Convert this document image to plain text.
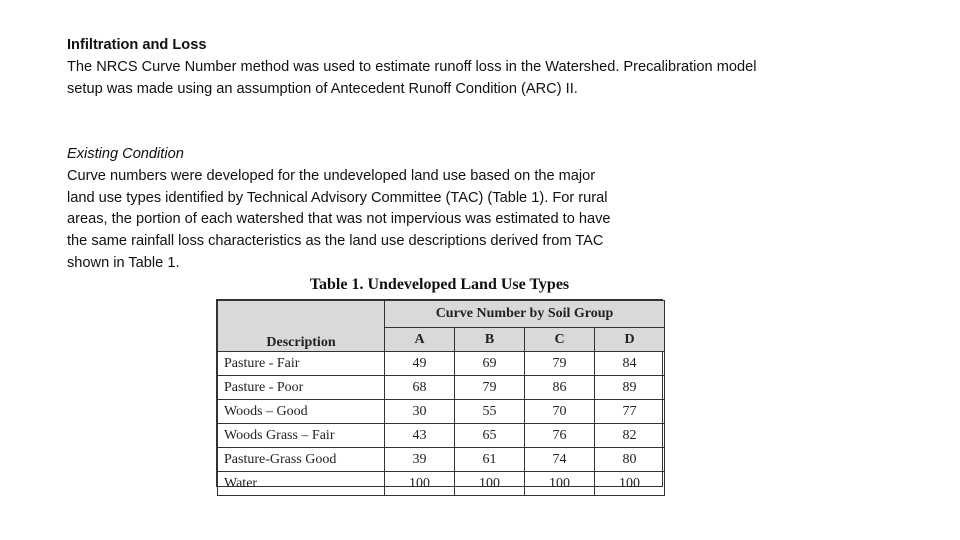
Infiltration and Loss
The NRCS Curve Number method was used to estimate runoff loss in the Watershed. Precalibration model
setup was made using an assumption of Antecedent Runoff Condition (ARC) II.
Existing Condition
Curve numbers were developed for the undeveloped land use based on the major
land use types identified by Technical Advisory Committee (TAC) (Table 1). For rural
areas, the portion of each watershed that was not impervious was estimated to have
the same rainfall loss characteristics as the land use descriptions derived from TAC
shown in Table 1.
Table 1. Undeveloped Land Use Types
Description	Curve Number by Soil Group			
	A	B	C	D
Pasture - Fair	49	69	79	84
Pasture - Poor	68	79	86	89
Woods – Good	30	55	70	77
Woods Grass – Fair	43	65	76	82
Pasture-Grass Good	39	61	74	80
Water	100	100	100	100
